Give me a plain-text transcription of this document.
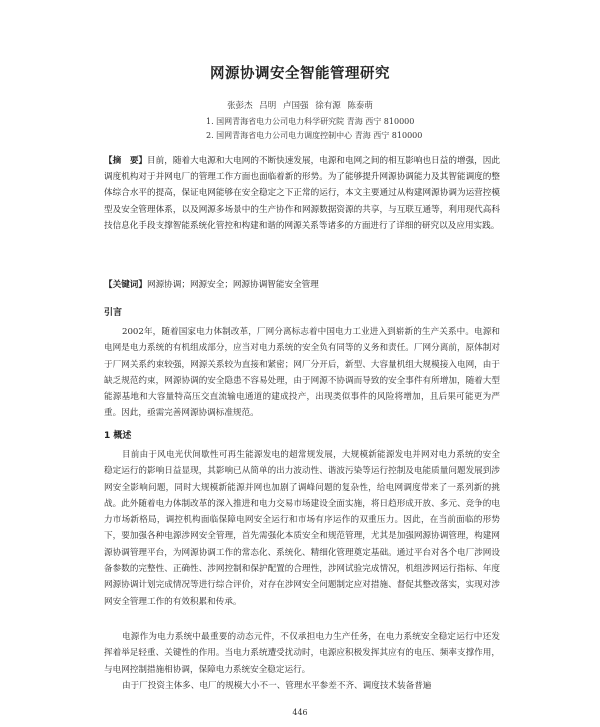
网源协调安全智能管理研究
张彭杰 吕明 卢国强 徐有源 陈泰萌
1. 国网青海省电力公司电力科学研究院 青海 西宁 810000
2. 国网青海省电力公司电力调度控制中心 青海 西宁 810000
【摘　要】目前，随着大电源和大电网的不断快速发展，电源和电网之间的相互影响也日益的增强，因此调度机构对于并网电厂的管理工作方面也面临着新的形势。为了能够提升网源协调能力及其智能调度的整体综合水平的提高，保证电网能够在安全稳定之下正常的运行，本文主要通过从构建网源协调为运营控模型及安全管理体系，以及网源多场景中的生产协作和网源数据资源的共享，与互联互通等，利用现代高科技信息化手段支撑智能系统化管控和构建和谐的网源关系等诸多的方面进行了详细的研究以及应用实践。
【关键词】网源协调；网源安全；网源协调智能安全管理
引言

2002年，随着国家电力体制改革，厂网分离标志着中国电力工业进入到崭新的生产关系中。电源和电网是电力系统的有机组成部分，应当对电力系统的安全负有同等的义务和责任。厂网分离前，原体制对于厂网关系约束较强，网源关系较为直接和紧密；网厂分开后，新型、大容量机组大规模接入电网，由于缺乏规范约束，网源协调的安全隐患不容易处理，由于网源不协调而导致的安全事件有所增加，随着大型能源基地和大容量特高压交直流输电通道的建成投产，出现类似事件的风险将增加，且后果可能更为严重。因此，亟需完善网源协调标准规范。

1 概述

目前由于风电光伏间歇性可再生能源发电的超常规发展，大规模新能源发电并网对电力系统的安全稳定运行的影响日益显现，其影响已从简单的出力波动性、谐波污染等运行控制及电能质量问题发展到涉网安全影响问题，同时大规模新能源并网也加剧了调峰问题的复杂性，给电网调度带来了一系列新的挑战。此外随着电力体制改革的深入推进和电力交易市场建设全面实施，将日趋形成开放、多元、竞争的电力市场新格局，调控机构面临保障电网安全运行和市场有序运作的双重压力。因此，在当前面临的形势下，要加强各种电源涉网安全管理，首先需强化本质安全和规范管理，尤其是加强网源协调管理，构建网源协调管理平台，为网源协调工作的常态化、系统化、精细化管理奠定基础。通过平台对各个电厂涉网设备参数的完整性、正确性、涉网控制和保护配置的合理性，涉网试验完成情况，机组涉网运行指标、年度网源协调计划完成情况等进行综合评价，对存在涉网安全问题制定应对措施、督促其整改落实，实现对涉网安全管理工作的有效积累和传承。

电源作为电力系统中最重要的动态元件，不仅承担电力生产任务，在电力系统安全稳定运行中还发挥着举足轻重、关键性的作用。当电力系统遭受扰动时，电源应积极发挥其应有的电压、频率支撑作用，与电网控制措施相协调，保障电力系统安全稳定运行。

由于厂投资主体多、电厂的规模大小不一、管理水平参差不齐、调度技术装备普遍

446
